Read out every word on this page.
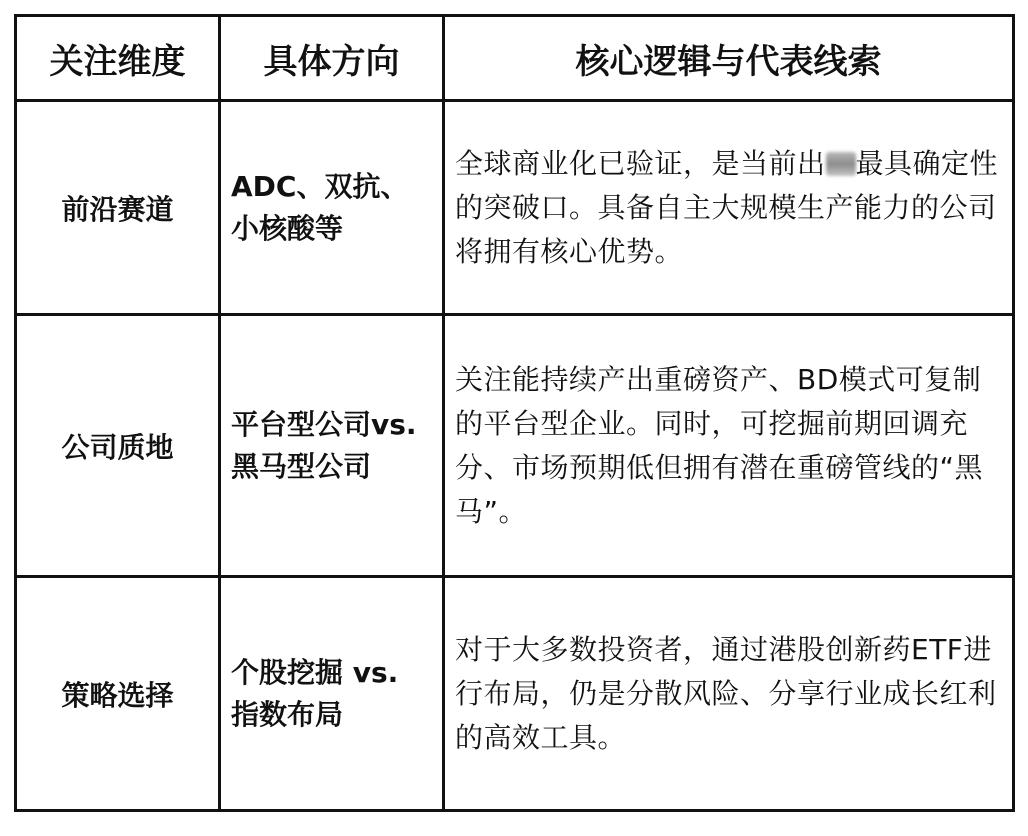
关注维度	具体方向	核心逻辑与代表线索
前沿赛道	ADC、双抗、小核酸等	全球商业化已验证，是当前出 最具确定性的突破口。具备自主大规模生产能力的公司将拥有核心优势。
公司质地	平台型公司vs. 黑马型公司	关注能持续产出重磅资产、BD模式可复制的平台型企业。同时，可挖掘前期回调充分、市场预期低但拥有潜在重磅管线的“黑马”。
策略选择	个股挖掘 vs. 指数布局	对于大多数投资者，通过港股创新药ETF进行布局，仍是分散风险、分享行业成长红利的高效工具。
